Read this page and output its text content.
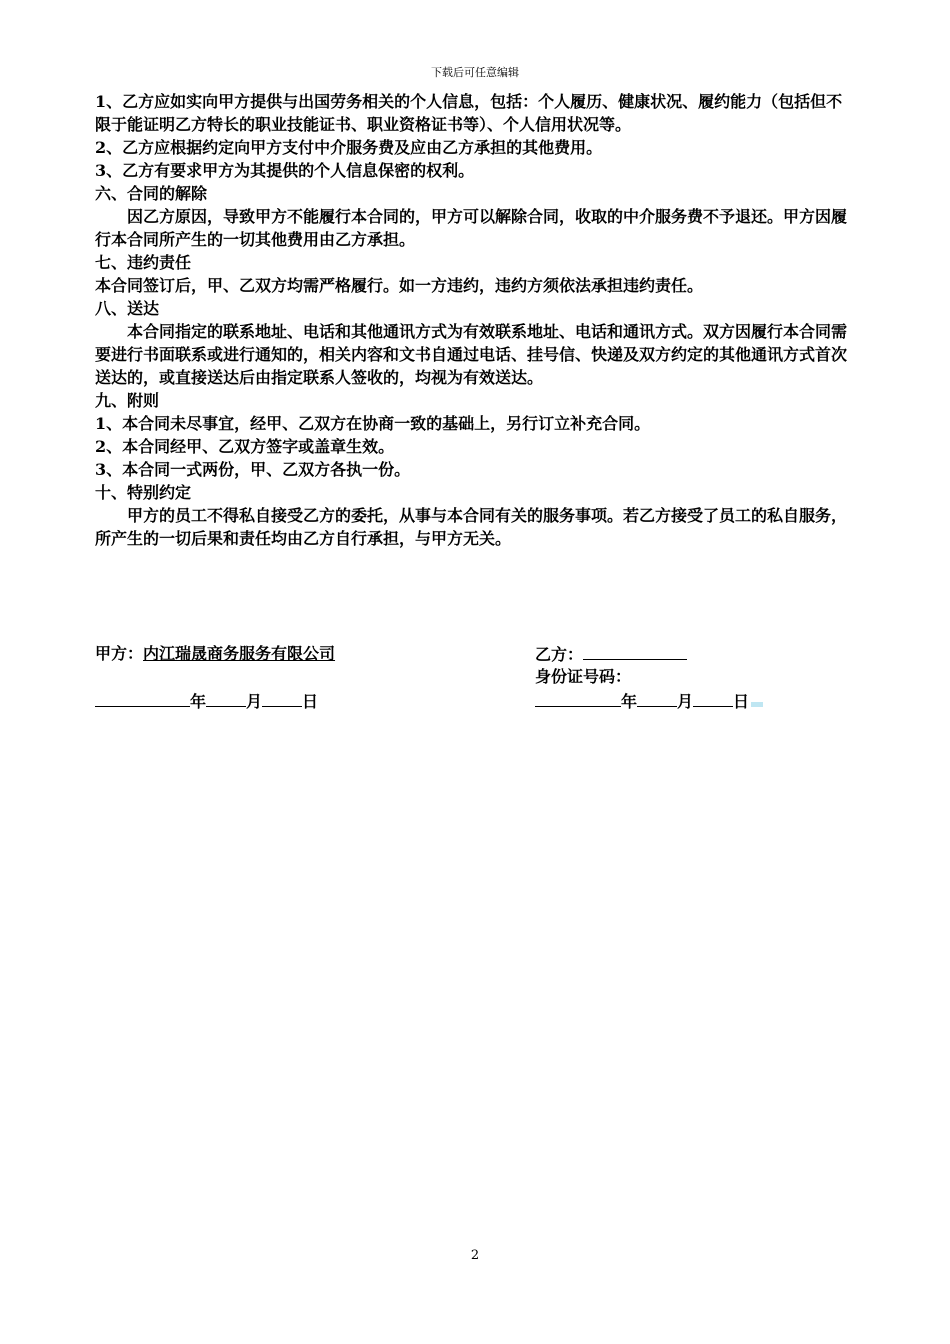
下载后可任意编辑

1、乙方应如实向甲方提供与出国劳务相关的个人信息，包括：个人履历、健康状况、履约能力（包括但不限于能证明乙方特长的职业技能证书、职业资格证书等）、个人信用状况等。

2、乙方应根据约定向甲方支付中介服务费及应由乙方承担的其他费用。

3、乙方有要求甲方为其提供的个人信息保密的权利。

六、合同的解除

因乙方原因，导致甲方不能履行本合同的，甲方可以解除合同，收取的中介服务费不予退还。甲方因履行本合同所产生的一切其他费用由乙方承担。

七、违约责任

本合同签订后，甲、乙双方均需严格履行。如一方违约，违约方须依法承担违约责任。

八、送达

本合同指定的联系地址、电话和其他通讯方式为有效联系地址、电话和通讯方式。双方因履行本合同需要进行书面联系或进行通知的，相关内容和文书自通过电话、挂号信、快递及双方约定的其他通讯方式首次送达的，或直接送达后由指定联系人签收的，均视为有效送达。

九、附则

1、本合同未尽事宜，经甲、乙双方在协商一致的基础上，另行订立补充合同。

2、本合同经甲、乙双方签字或盖章生效。

3、本合同一式两份，甲、乙双方各执一份。

十、特别约定

甲方的员工不得私自接受乙方的委托，从事与本合同有关的服务事项。若乙方接受了员工的私自服务，所产生的一切后果和责任均由乙方自行承担，与甲方无关。

甲方：内江瑞晟商务服务有限公司
年	月	日
乙方：
身份证号码：
年	月	日
2
